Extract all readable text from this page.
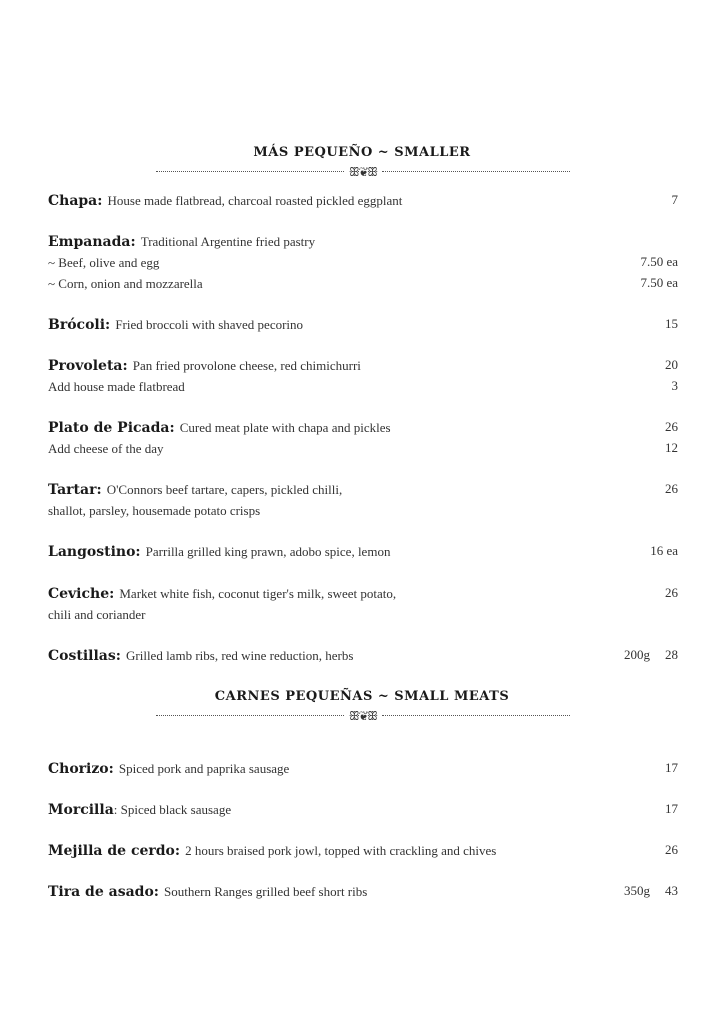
MÁS PEQUEÑO ~ SMALLER
ꕥ❦ꕥ
Chapa: House made flatbread, charcoal roasted pickled eggplant	7
Empanada: Traditional Argentine fried pastry
~ Beef, olive and egg	7.50 ea
~ Corn, onion and mozzarella	7.50 ea
Brócoli: Fried broccoli with shaved pecorino	15
Provoleta: Pan fried provolone cheese, red chimichurri	20
Add house made flatbread	3
Plato de Picada: Cured meat plate with chapa and pickles	26
Add cheese of the day	12
Tartar: O'Connors beef tartare, capers, pickled chilli,	26
shallot, parsley, housemade potato crisps
Langostino: Parrilla grilled king prawn, adobo spice, lemon	16 ea
Ceviche: Market white fish, coconut tiger's milk, sweet potato,	26
chili and coriander
Costillas: Grilled lamb ribs, red wine reduction, herbs	200g 28
CARNES PEQUEÑAS ~ SMALL MEATS
ꕥ❦ꕥ
Chorizo: Spiced pork and paprika sausage	17
Morcilla: Spiced black sausage	17
Mejilla de cerdo: 2 hours braised pork jowl, topped with crackling and chives	26
Tira de asado: Southern Ranges grilled beef short ribs	350g 43
